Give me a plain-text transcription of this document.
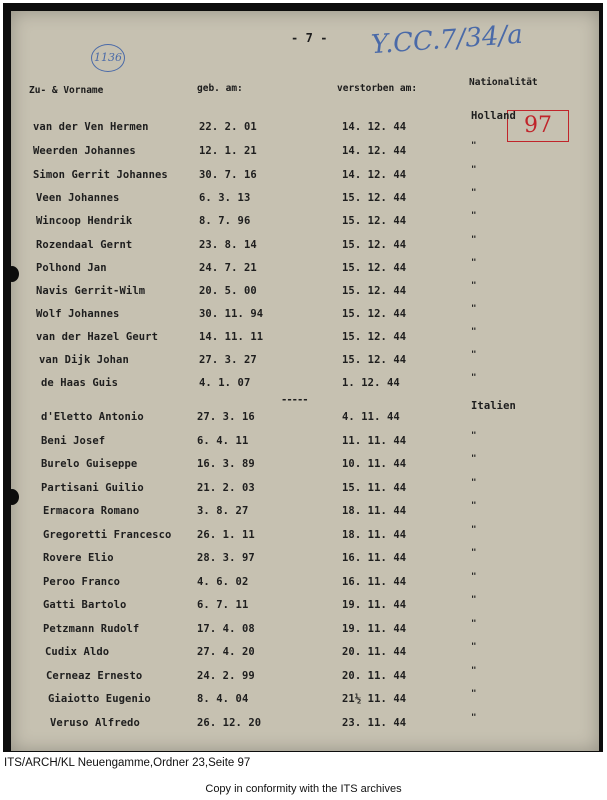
- 7 - Y.CC.7/34/a
1136
Zu- & Vorname	geb. am:	verstorben am:
Nationalität
97
-----
van der Ven Hermen	22. 2. 01	14. 12. 44
Holland
Weerden Johannes	12. 1. 21	14. 12. 44	"
Simon Gerrit Johannes	30. 7. 16	14. 12. 44	"
Veen Johannes	6. 3. 13	15. 12. 44	"
Wincoop Hendrik	8. 7. 96	15. 12. 44	"
Rozendaal Gernt	23. 8. 14	15. 12. 44	"
Polhond Jan	24. 7. 21	15. 12. 44	"
Navis Gerrit-Wilm	20. 5. 00	15. 12. 44	"
Wolf Johannes	30. 11. 94	15. 12. 44	"
van der Hazel Geurt	14. 11. 11	15. 12. 44	"
van Dijk Johan	27. 3. 27	15. 12. 44	"
de Haas Guis	4. 1. 07	1. 12. 44	"
d'Eletto Antonio	27. 3. 16	4. 11. 44
Italien
Beni Josef	6. 4. 11	11. 11. 44	"
Burelo Guiseppe	16. 3. 89	10. 11. 44	"
Partisani Guilio	21. 2. 03	15. 11. 44	"
Ermacora Romano	3. 8. 27	18. 11. 44	"
Gregoretti Francesco 26. 1. 11	18. 11. 44	"
Rovere Elio	28. 3. 97	16. 11. 44	"
Peroo Franco	4. 6. 02	16. 11. 44	"
Gatti Bartolo	6. 7. 11	19. 11. 44	"
Petzmann Rudolf	17. 4. 08	19. 11. 44	"
Cudix Aldo	27. 4. 20	20. 11. 44	"
Cerneaz Ernesto	24. 2. 99	20. 11. 44	"
Giaiotto Eugenio	8. 4. 04	21½ 11. 44	"
Veruso Alfredo	26. 12. 20	23. 11. 44	"
ITS/ARCH/KL Neuengamme,Ordner 23,Seite 97
Copy in conformity with the ITS archives
